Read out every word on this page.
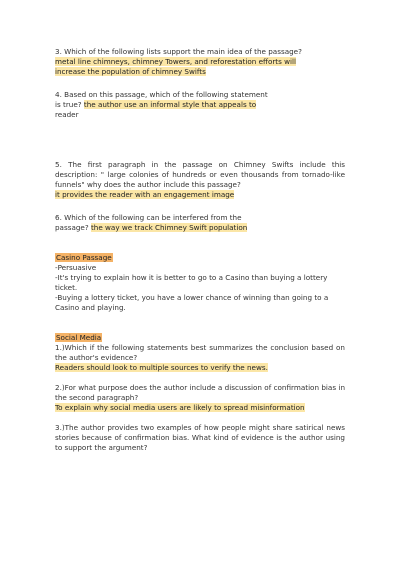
3. Which of the following lists support the main idea of the passage?

metal line chimneys, chimney Towers, and reforestation efforts will
increase the population of chimney Swifts

4. Based on this passage, which of the following statement

is true? the author use an informal style that appeals to

reader

5. The first paragraph in the passage on Chimney Swifts include this description: " large colonies of hundreds or even thousands from tornado-like funnels" why does the author include this passage?

it provides the reader with an engagement image

6. Which of the following can be interfered from the

passage? the way we track Chimney Swift population

Casino Passage

-Persuasive

-It's trying to explain how it is better to go to a Casino than buying a lottery ticket.

-Buying a lottery ticket, you have a lower chance of winning than going to a Casino and playing.

Social Media

1.)Which if the following statements best summarizes the conclusion based on the author's evidence?

Readers should look to multiple sources to verify the news.

2.)For what purpose does the author include a discussion of confirmation bias in the second paragraph?

To explain why social media users are likely to spread misinformation

3.)The author provides two examples of how people might share satirical news stories because of confirmation bias. What kind of evidence is the author using to support the argument?
